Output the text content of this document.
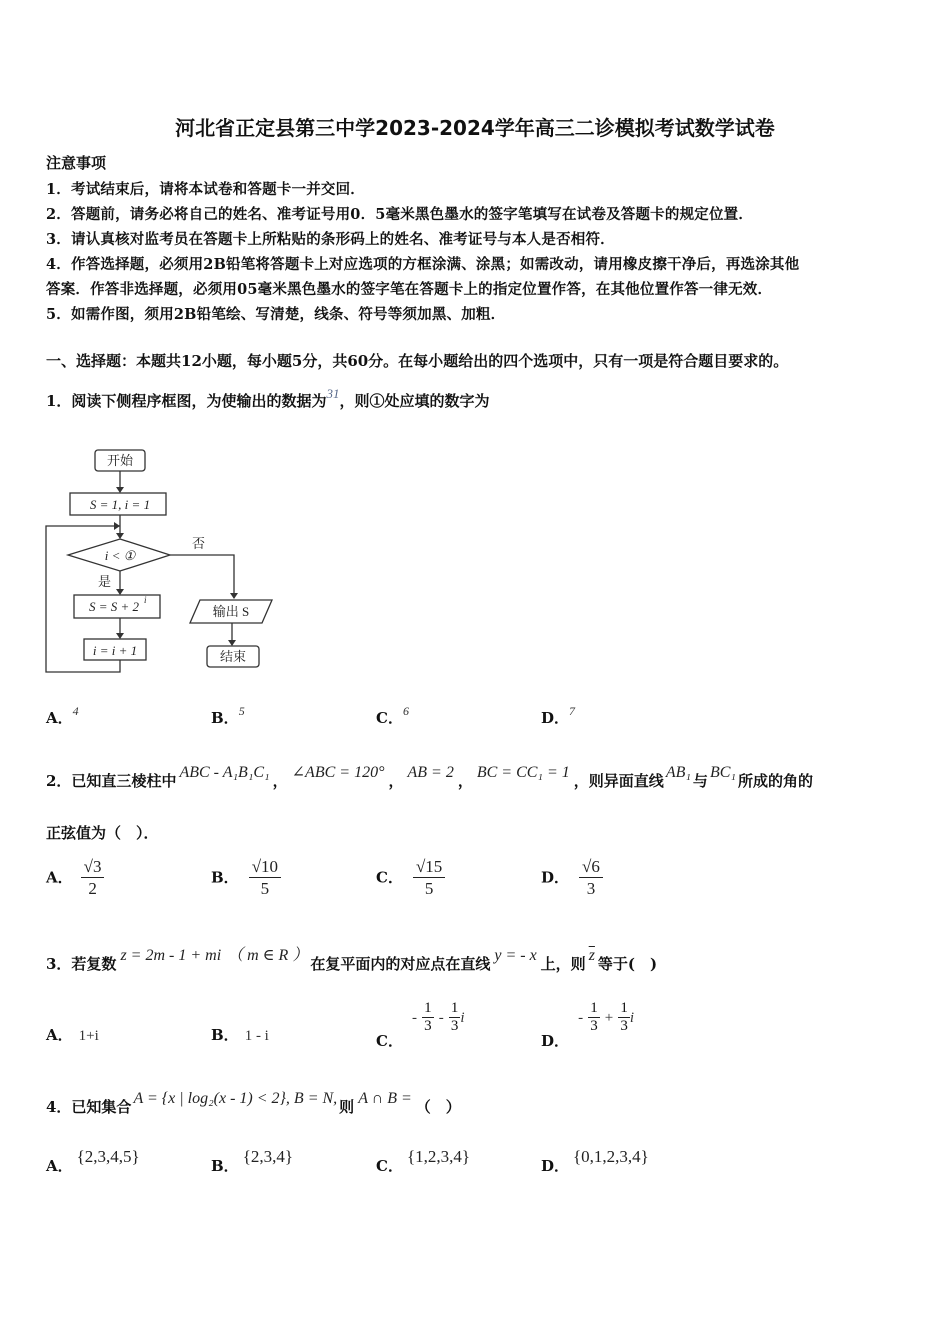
河北省正定县第三中学2023-2024学年高三二诊模拟考试数学试卷
注意事项
1．考试结束后，请将本试卷和答题卡一并交回．
2．答题前，请务必将自己的姓名、准考证号用0．5毫米黑色墨水的签字笔填写在试卷及答题卡的规定位置．
3．请认真核对监考员在答题卡上所粘贴的条形码上的姓名、准考证号与本人是否相符．
4．作答选择题，必须用2B铅笔将答题卡上对应选项的方框涂满、涂黑；如需改动，请用橡皮擦干净后，再选涂其他
答案．作答非选择题，必须用05毫米黑色墨水的签字笔在答题卡上的指定位置作答，在其他位置作答一律无效．
5．如需作图，须用2B铅笔绘、写清楚，线条、符号等须加黑、加粗．
一、选择题：本题共12小题，每小题5分，共60分。在每小题给出的四个选项中，只有一项是符合题目要求的。
1．阅读下侧程序框图，为使输出的数据为31，则①处应填的数字为
开始
S = 1, i = 1
i < ①
否
是
S = S + 2 i
输出 S
i = i + 1	结束
A．$^4$	B．$^5$	C．$^6$	D．$^7$
2．已知直三棱柱中 ABC - A₁B₁C₁ ， ∠ABC = 120° ， AB = 2 ， BC = CC₁ = 1 ，则异面直线 AB₁ 与 BC₁ 所成的角的
正弦值为（　）．
A． $\frac{√3}{2}$	B． $\frac{√10}{5}$	C． $\frac{√15}{5}$	D． $\frac{√6}{3}$
3．若复数 z = 2m - 1 + mi （ m ∈ R ） 在复平面内的对应点在直线 y = - x 上，则 $\overline{z}$ 等于(　)
A． 1+i	B． 1 - i	C． - $\frac{1}{3} - \frac{1}{3}i$
D． - $\frac{1}{3} + \frac{1}{3}i$
4．已知集合 A = {x | log₂(x - 1) < 2}, B = N, 则 A ∩ B = （　）
A． {2,3,4,5}	B． {2,3,4}	C． {1,2,3,4}	D． {0,1,2,3,4}
